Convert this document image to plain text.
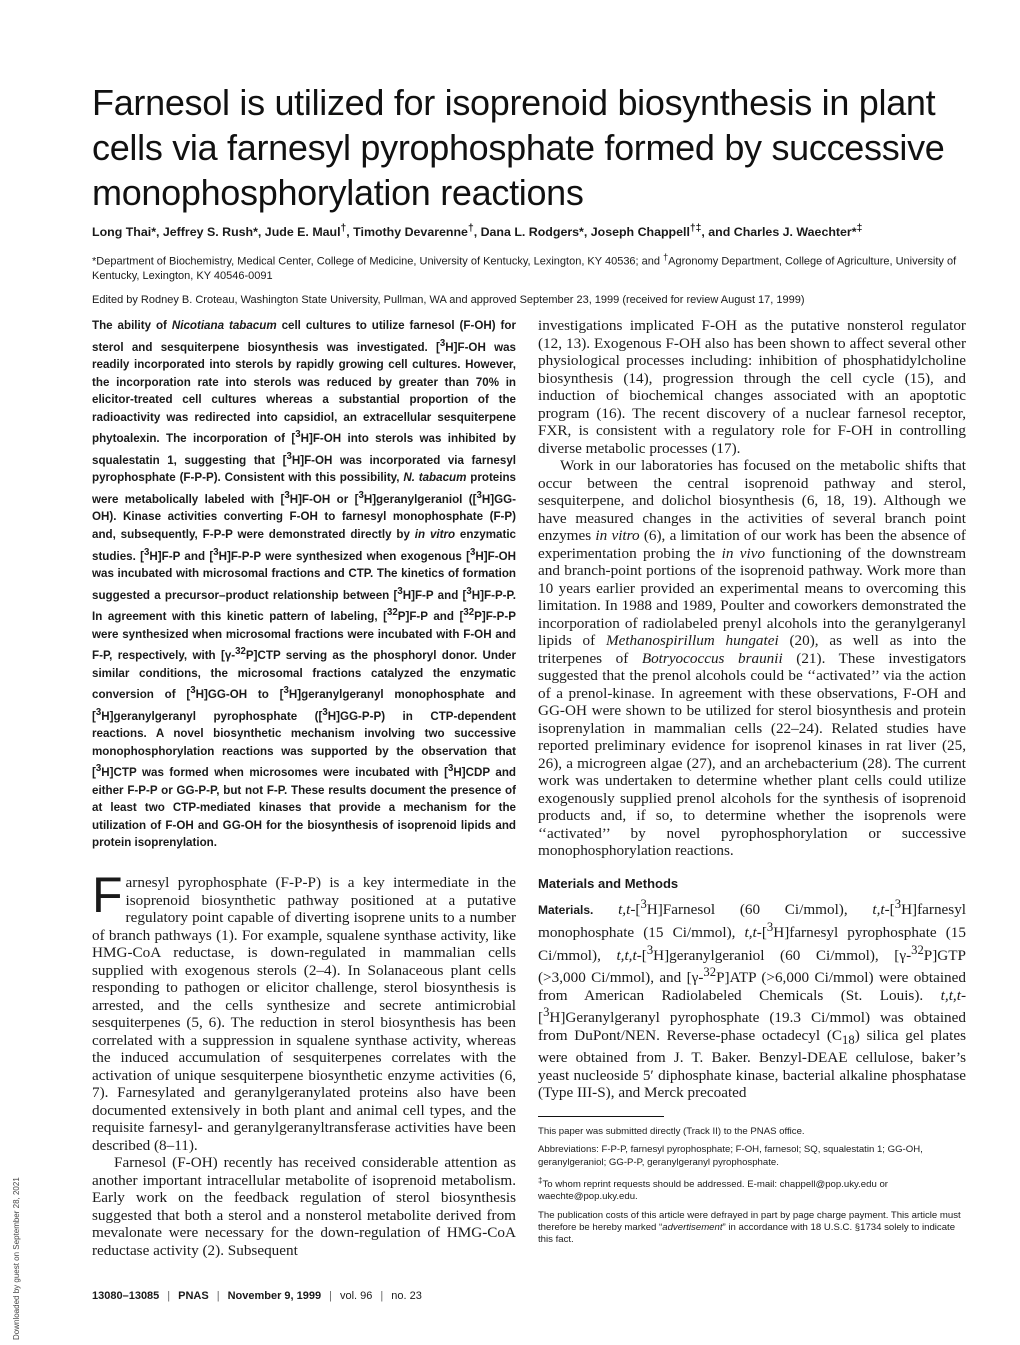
Farnesol is utilized for isoprenoid biosynthesis in plant cells via farnesyl pyrophosphate formed by successive monophosphorylation reactions
Long Thai*, Jeffrey S. Rush*, Jude E. Maul†, Timothy Devarenne†, Dana L. Rodgers*, Joseph Chappell†‡, and Charles J. Waechter*‡
*Department of Biochemistry, Medical Center, College of Medicine, University of Kentucky, Lexington, KY 40536; and †Agronomy Department, College of Agriculture, University of Kentucky, Lexington, KY 40546-0091
Edited by Rodney B. Croteau, Washington State University, Pullman, WA and approved September 23, 1999 (received for review August 17, 1999)
The ability of Nicotiana tabacum cell cultures to utilize farnesol (F-OH) for sterol and sesquiterpene biosynthesis was investigated. [$^3$H]F-OH was readily incorporated into sterols by rapidly growing cell cultures. However, the incorporation rate into sterols was reduced by greater than 70% in elicitor-treated cell cultures whereas a substantial proportion of the radioactivity was redirected into capsidiol, an extracellular sesquiterpene phytoalexin. The incorporation of [$^3$H]F-OH into sterols was inhibited by squalestatin 1, suggesting that [$^3$H]F-OH was incorporated via farnesyl pyrophosphate (F-P-P). Consistent with this possibility, N. tabacum proteins were metabolically labeled with [$^3$H]F-OH or [$^3$H]geranylgeraniol ([$^3$H]GG-OH). Kinase activities converting F-OH to farnesyl monophosphate (F-P) and, subsequently, F-P-P were demonstrated directly by in vitro enzymatic studies. [$^3$H]F-P and [$^3$H]F-P-P were synthesized when exogenous [$^3$H]F-OH was incubated with microsomal fractions and CTP. The kinetics of formation suggested a precursor–product relationship between [$^3$H]F-P and [$^3$H]F-P-P. In agreement with this kinetic pattern of labeling, [$^{32}$P]F-P and [$^{32}$P]F-P-P were synthesized when microsomal fractions were incubated with F-OH and F-P, respectively, with [γ-$^{32}$P]CTP serving as the phosphoryl donor. Under similar conditions, the microsomal fractions catalyzed the enzymatic conversion of [$^3$H]GG-OH to [$^3$H]geranylgeranyl monophosphate and [$^3$H]geranylgeranyl pyrophosphate ([$^3$H]GG-P-P) in CTP-dependent reactions. A novel biosynthetic mechanism involving two successive monophosphorylation reactions was supported by the observation that [$^3$H]CTP was formed when microsomes were incubated with [$^3$H]CDP and either F-P-P or GG-P-P, but not F-P. These results document the presence of at least two CTP-mediated kinases that provide a mechanism for the utilization of F-OH and GG-OH for the biosynthesis of isoprenoid lipids and protein isoprenylation.

Farnesyl pyrophosphate (F-P-P) is a key intermediate in the isoprenoid biosynthetic pathway positioned at a putative regulatory point capable of diverting isoprene units to a number of branch pathways (1). For example, squalene synthase activity, like HMG-CoA reductase, is down-regulated in mammalian cells supplied with exogenous sterols (2–4). In Solanaceous plant cells responding to pathogen or elicitor challenge, sterol biosynthesis is arrested, and the cells synthesize and secrete antimicrobial sesquiterpenes (5, 6). The reduction in sterol biosynthesis has been correlated with a suppression in squalene synthase activity, whereas the induced accumulation of sesquiterpenes correlates with the activation of unique sesquiterpene biosynthetic enzyme activities (6, 7). Farnesylated and geranylgeranylated proteins also have been documented extensively in both plant and animal cell types, and the requisite farnesyl- and geranylgeranyltransferase activities have been described (8–11).

Farnesol (F-OH) recently has received considerable attention as another important intracellular metabolite of isoprenoid metabolism. Early work on the feedback regulation of sterol biosynthesis suggested that both a sterol and a nonsterol metabolite derived from mevalonate were necessary for the down-regulation of HMG-CoA reductase activity (2). Subsequent

investigations implicated F-OH as the putative nonsterol regulator (12, 13). Exogenous F-OH also has been shown to affect several other physiological processes including: inhibition of phosphatidylcholine biosynthesis (14), progression through the cell cycle (15), and induction of biochemical changes associated with an apoptotic program (16). The recent discovery of a nuclear farnesol receptor, FXR, is consistent with a regulatory role for F-OH in controlling diverse metabolic processes (17).

Work in our laboratories has focused on the metabolic shifts that occur between the central isoprenoid pathway and sterol, sesquiterpene, and dolichol biosynthesis (6, 18, 19). Although we have measured changes in the activities of several branch point enzymes in vitro (6), a limitation of our work has been the absence of experimentation probing the in vivo functioning of the downstream and branch-point portions of the isoprenoid pathway. Work more than 10 years earlier provided an experimental means to overcoming this limitation. In 1988 and 1989, Poulter and coworkers demonstrated the incorporation of radiolabeled prenyl alcohols into the geranylgeranyl lipids of Methanospirillum hungatei (20), as well as into the triterpenes of Botryococcus braunii (21). These investigators suggested that the prenol alcohols could be ‘‘activated’’ via the action of a prenol-kinase. In agreement with these observations, F-OH and GG-OH were shown to be utilized for sterol biosynthesis and protein isoprenylation in mammalian cells (22–24). Related studies have reported preliminary evidence for isoprenol kinases in rat liver (25, 26), a microgreen algae (27), and an archebacterium (28). The current work was undertaken to determine whether plant cells could utilize exogenously supplied prenol alcohols for the synthesis of isoprenoid products and, if so, to determine whether the isoprenols were ‘‘activated’’ by novel pyrophosphorylation or successive monophosphorylation reactions.

Materials and Methods

Materials. t,t-[$^3$H]Farnesol (60 Ci/mmol), t,t-[$^3$H]farnesyl monophosphate (15 Ci/mmol), t,t-[$^3$H]farnesyl pyrophosphate (15 Ci/mmol), t,t,t-[$^3$H]geranylgeraniol (60 Ci/mmol), [γ-$^{32}$P]GTP (>3,000 Ci/mmol), and [γ-$^{32}$P]ATP (>6,000 Ci/mmol) were obtained from American Radiolabeled Chemicals (St. Louis). t,t,t-[$^3$H]Geranylgeranyl pyrophosphate (19.3 Ci/mmol) was obtained from DuPont/NEN. Reverse-phase octadecyl $(C_{18})$ silica gel plates were obtained from J. T. Baker. Benzyl-DEAE cellulose, baker’s yeast nucleoside 5′ diphosphate kinase, bacterial alkaline phosphatase (Type III-S), and Merck precoated

This paper was submitted directly (Track II) to the PNAS office.

Abbreviations: F-P-P, farnesyl pyrophosphate; F-OH, farnesol; SQ, squalestatin 1; GG-OH, geranylgeraniol; GG-P-P, geranylgeranyl pyrophosphate.

‡To whom reprint requests should be addressed. E-mail: chappell@pop.uky.edu or waechte@pop.uky.edu.

The publication costs of this article were defrayed in part by page charge payment. This article must therefore be hereby marked “advertisement” in accordance with 18 U.S.C. §1734 solely to indicate this fact.

13080–13085 | PNAS | November 9, 1999 | vol. 96 | no. 23
Downloaded by guest on September 28, 2021
